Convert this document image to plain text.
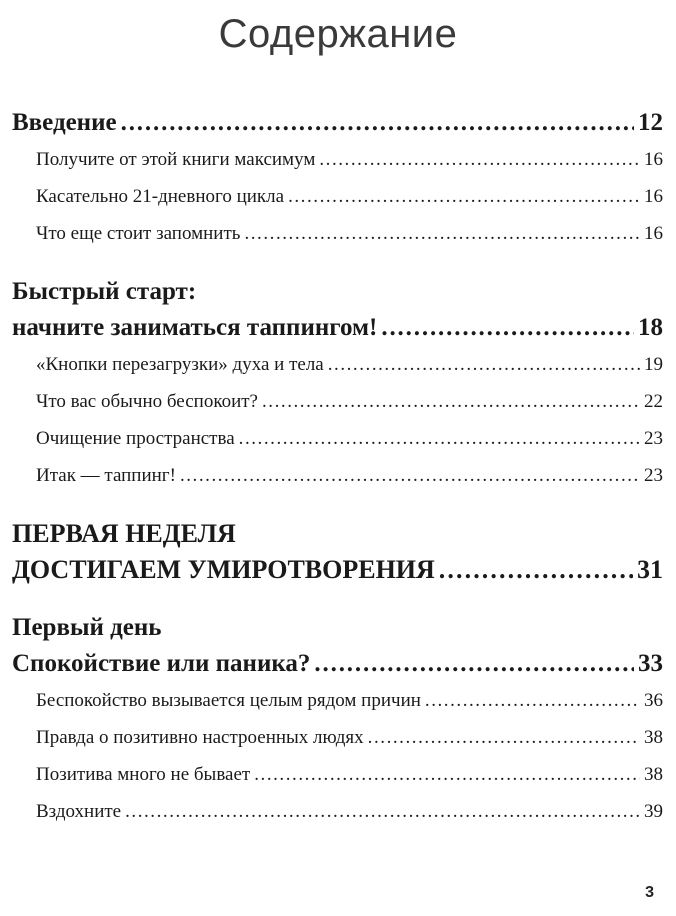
Содержание
Введение . . .	12
Получите от этой книги максимум . . .	16
Касательно 21-дневного цикла . . .	16
Что еще стоит запомнить . . .	16
Быстрый старт:
начните заниматься таппингом! . . .	18
«Кнопки перезагрузки» духа и тела . . .	19
Что вас обычно беспокоит? . . .	22
Очищение пространства . . .	23
Итак — таппинг! . . .	23
ПЕРВАЯ НЕДЕЛЯ
ДОСТИГАЕМ УМИРОТВОРЕНИЯ . . .	31
Первый день
Спокойствие или паника? . . .	33
Беспокойство вызывается целым рядом причин . . .	36
Правда о позитивно настроенных людях . . .	38
Позитива много не бывает . . .	38
Вздохните . . .	39
3
